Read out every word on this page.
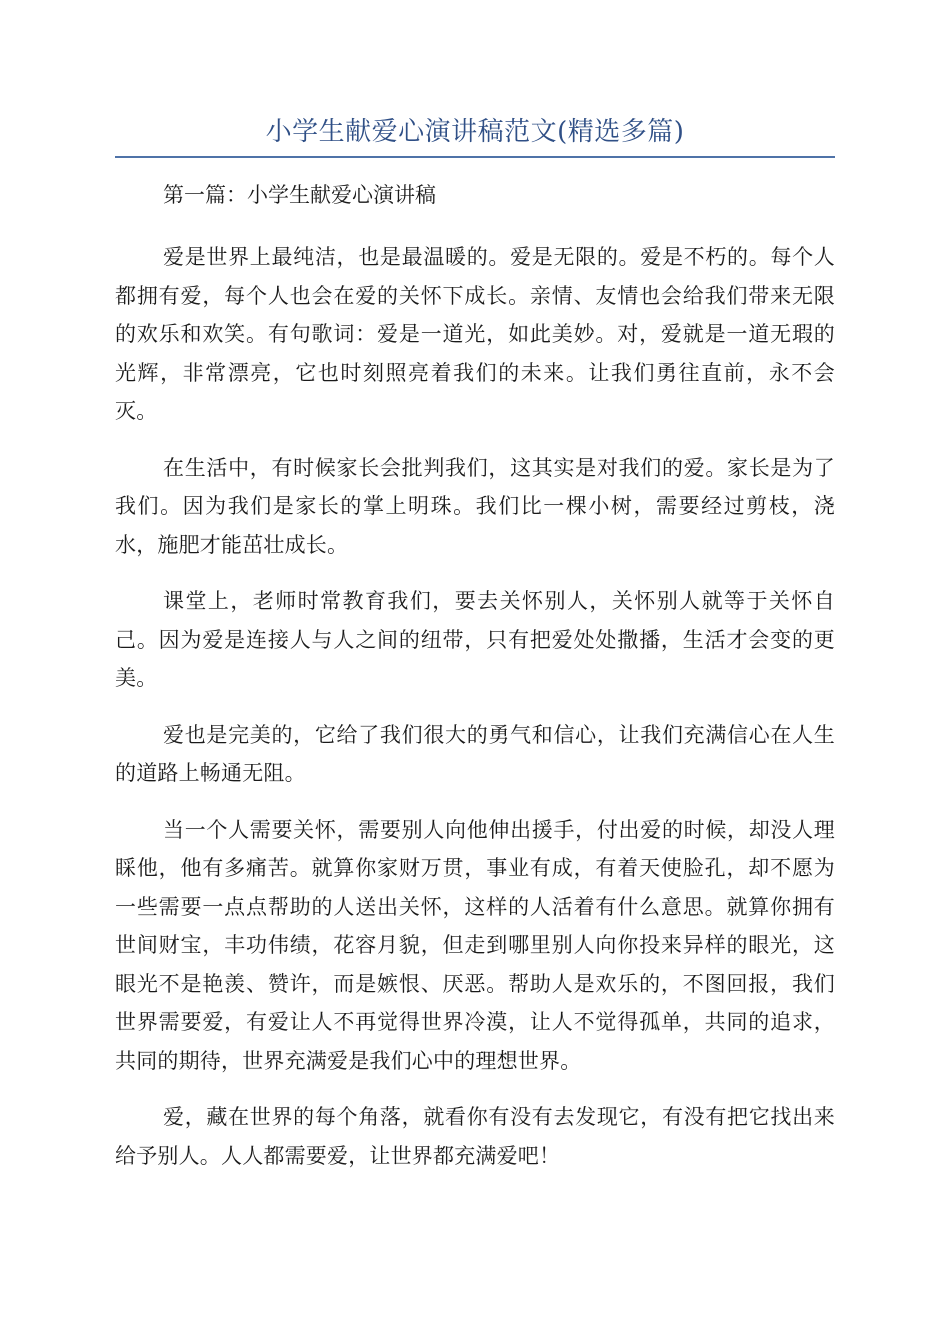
小学生献爱心演讲稿范文(精选多篇)

第一篇：小学生献爱心演讲稿

爱是世界上最纯洁，也是最温暖的。爱是无限的。爱是不朽的。每个人都拥有爱，每个人也会在爱的关怀下成长。亲情、友情也会给我们带来无限的欢乐和欢笑。有句歌词：爱是一道光，如此美妙。对，爱就是一道无瑕的光辉，非常漂亮，它也时刻照亮着我们的未来。让我们勇往直前，永不会灭。

在生活中，有时候家长会批判我们，这其实是对我们的爱。家长是为了我们。因为我们是家长的掌上明珠。我们比一棵小树，需要经过剪枝，浇水，施肥才能茁壮成长。

课堂上，老师时常教育我们，要去关怀别人，关怀别人就等于关怀自己。因为爱是连接人与人之间的纽带，只有把爱处处撒播，生活才会变的更美。

爱也是完美的，它给了我们很大的勇气和信心，让我们充满信心在人生的道路上畅通无阻。

当一个人需要关怀，需要别人向他伸出援手，付出爱的时候，却没人理睬他，他有多痛苦。就算你家财万贯，事业有成，有着天使脸孔，却不愿为一些需要一点点帮助的人送出关怀，这样的人活着有什么意思。就算你拥有世间财宝，丰功伟绩，花容月貌，但走到哪里别人向你投来异样的眼光，这眼光不是艳羡、赞许，而是嫉恨、厌恶。帮助人是欢乐的，不图回报，我们世界需要爱，有爱让人不再觉得世界冷漠，让人不觉得孤单，共同的追求，共同的期待，世界充满爱是我们心中的理想世界。

爱，藏在世界的每个角落，就看你有没有去发现它，有没有把它找出来给予别人。人人都需要爱，让世界都充满爱吧！
